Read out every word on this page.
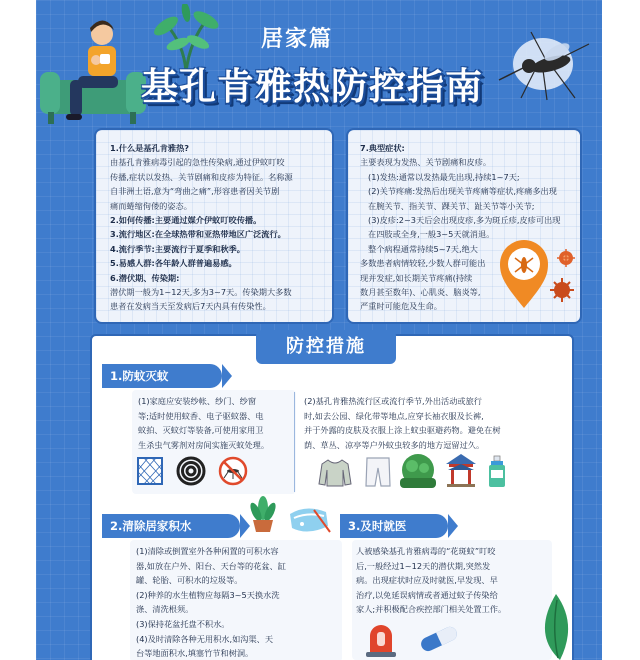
居家篇
基孔肯雅热防控指南

1.什么是基孔肯雅热?

由基孔肯雅病毒引起的急性传染病,通过伊蚊叮咬

传播,症状以发热、关节剧痛和皮疹为特征。名称源

自非洲土语,意为“弯曲之痛”,形容患者因关节剧

痛而蜷缩佝偻的姿态。

2.如何传播:主要通过媒介伊蚊叮咬传播。

3.流行地区:在全球热带和亚热带地区广泛流行。

4.流行季节:主要流行于夏季和秋季。

5.易感人群:各年龄人群普遍易感。

6.潜伏期、传染期:

潜伏期一般为1~12天,多为3~7天。传染期大多数

患者在发病当天至发病后7天内具有传染性。

7.典型症状:

主要表现为发热、关节剧痛和皮疹。

(1)发热:通常以发热最先出现,持续1~7天;

(2)关节疼痛:发热后出现关节疼痛等症状,疼痛多出现

在腕关节、指关节、踝关节、趾关节等小关节;

(3)皮疹:2~3天后会出现皮疹,多为斑丘疹,皮疹可出现

在四肢或全身,一般3~5天就消退。

整个病程通常持续5~7天,绝大

多数患者病情较轻,少数人群可能出

现并发症,如长期关节疼痛(持续

数月甚至数年)、心肌炎、脑炎等,

严重时可能危及生命。

防控措施
1.防蚊灭蚊
(1)家庭应安装纱帐、纱门、纱窗
等;适时使用蚊香、电子驱蚊器、电
蚊拍、灭蚊灯等装备,可使用家用卫
生杀虫气雾剂对房间实施灭蚊处理。
(2)基孔肯雅热流行区或流行季节,外出活动或旅行
时,如去公园、绿化带等地点,应穿长袖衣服及长裤,
并于外露的皮肤及衣服上涂上蚊虫驱避药物。避免在树
荫、草丛、凉亭等户外蚊虫较多的地方逗留过久。
2.清除居家积水
(1)清除或倒置室外各种闲置的可积水容
器,如放在户外、阳台、天台等的花盆、缸
罐、轮胎、可积水的垃圾等。
(2)种养的水生植物应每隔3~5天换水洗
涤、清洗根须。
(3)保持花盆托盘不积水。
(4)及时清除各种无用积水,如沟渠、天
台等地面积水,填塞竹节和树洞。
3.及时就医
人被感染基孔肯雅病毒的“花斑蚊”叮咬
后,一般经过1~12天的潜伏期,突然发
病。出现症状时应及时就医,早发现、早
治疗,以免延误病情或者通过蚊子传染给
家人;并积极配合疾控部门相关处置工作。
